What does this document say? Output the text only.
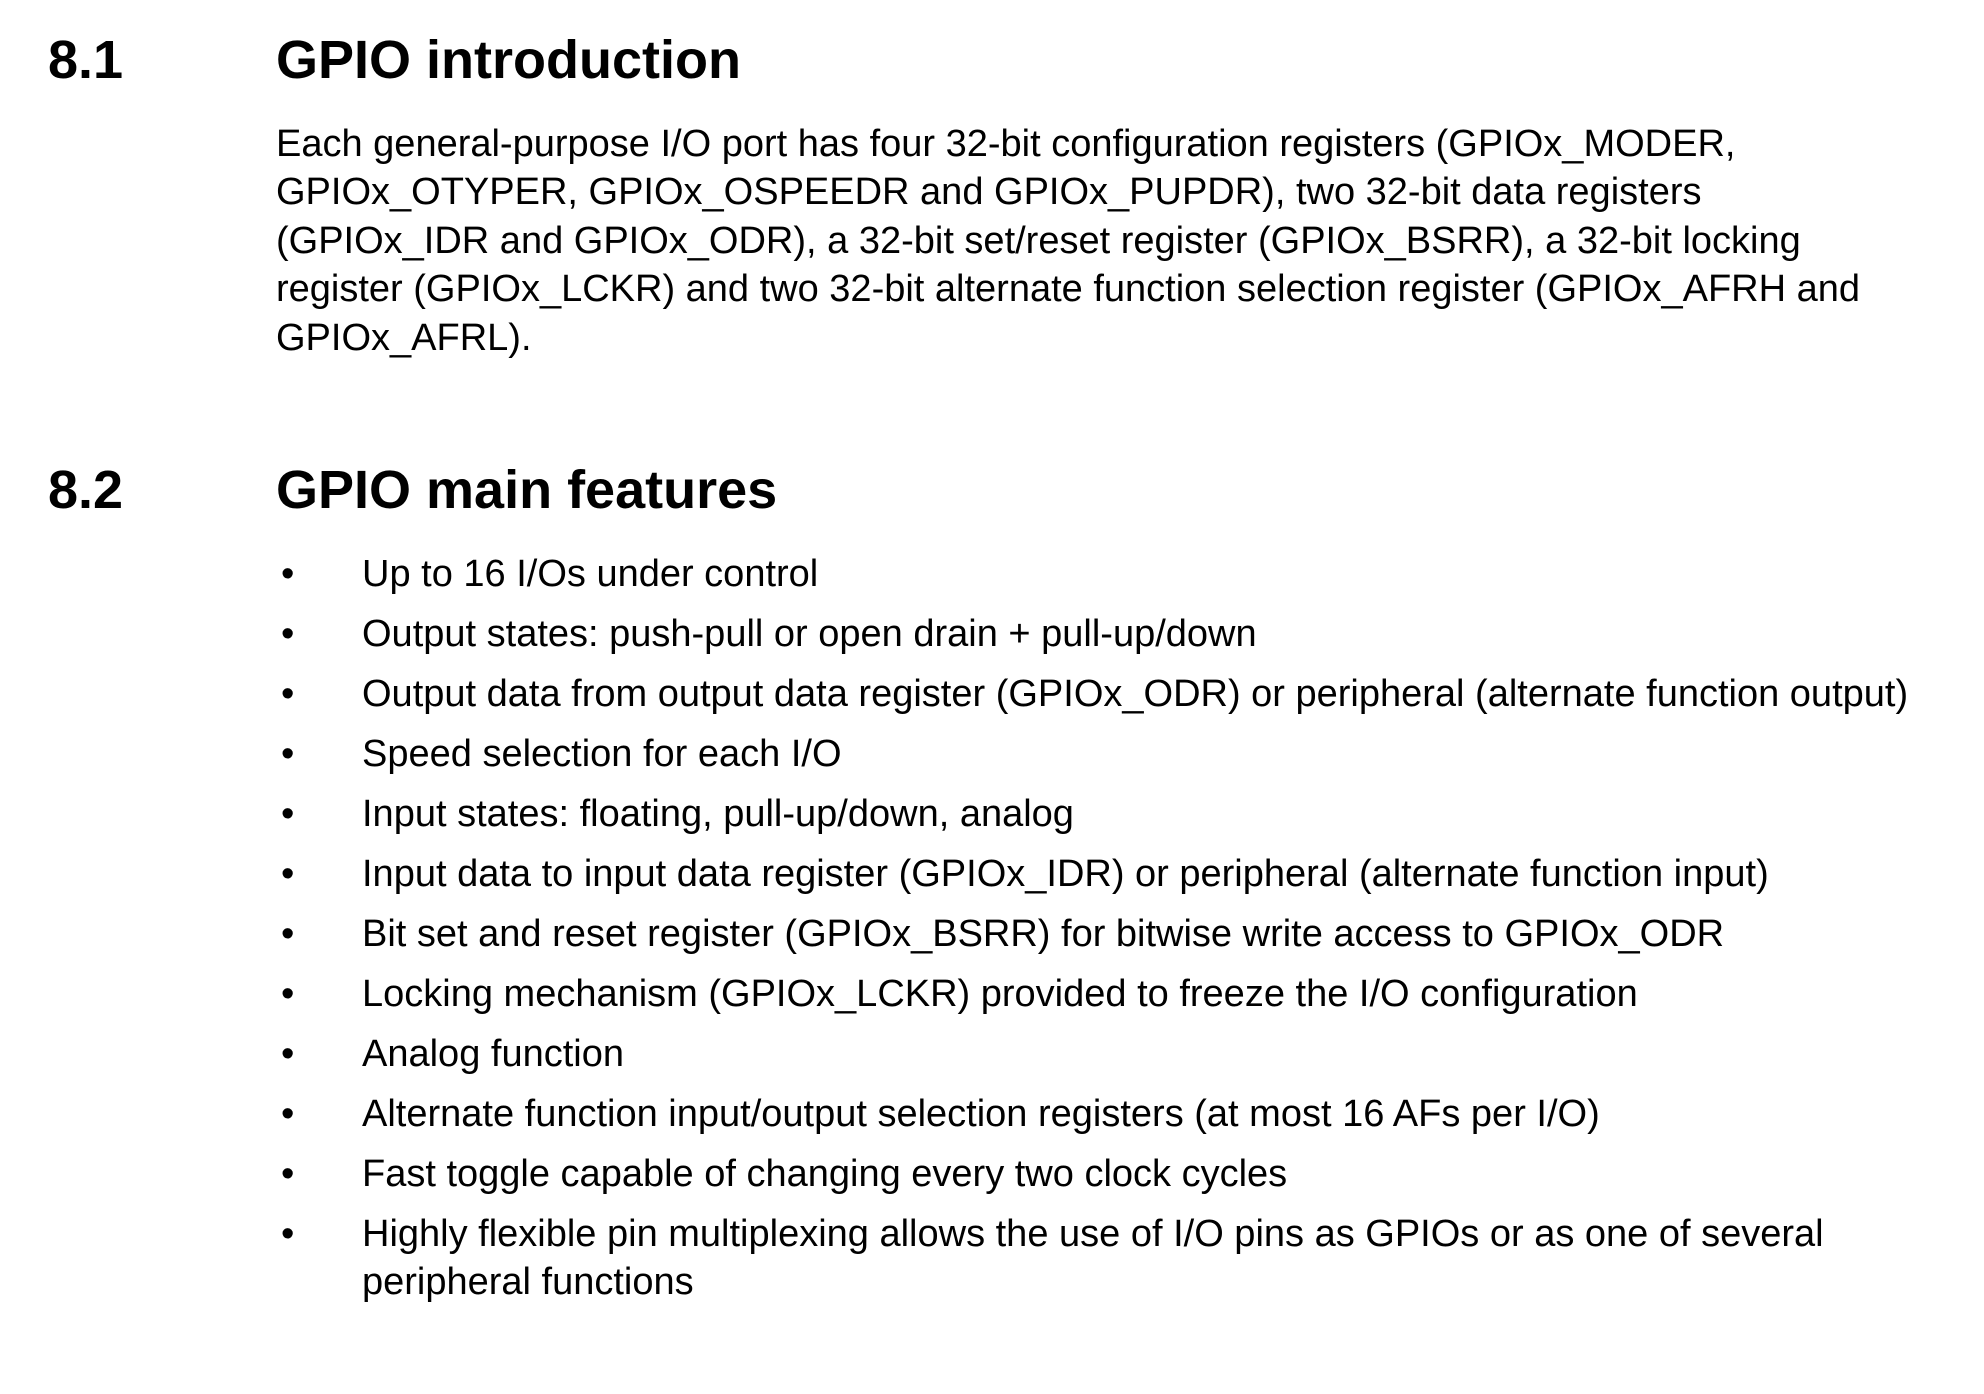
8.1	GPIO introduction

Each general-purpose I/O port has four 32-bit configuration registers (GPIOx_MODER, GPIOx_OTYPER, GPIOx_OSPEEDR and GPIOx_PUPDR), two 32-bit data registers (GPIOx_IDR and GPIOx_ODR), a 32-bit set/reset register (GPIOx_BSRR), a 32-bit locking register (GPIOx_LCKR) and two 32-bit alternate function selection register (GPIOx_AFRH and GPIOx_AFRL).

8.2	GPIO main features
• Up to 16 I/Os under control
• Output states: push-pull or open drain + pull-up/down
• Output data from output data register (GPIOx_ODR) or peripheral (alternate function output)
• Speed selection for each I/O
• Input states: floating, pull-up/down, analog
• Input data to input data register (GPIOx_IDR) or peripheral (alternate function input)
• Bit set and reset register (GPIOx_BSRR) for bitwise write access to GPIOx_ODR
• Locking mechanism (GPIOx_LCKR) provided to freeze the I/O configuration
• Analog function
• Alternate function input/output selection registers (at most 16 AFs per I/O)
• Fast toggle capable of changing every two clock cycles
• Highly flexible pin multiplexing allows the use of I/O pins as GPIOs or as one of several peripheral functions
